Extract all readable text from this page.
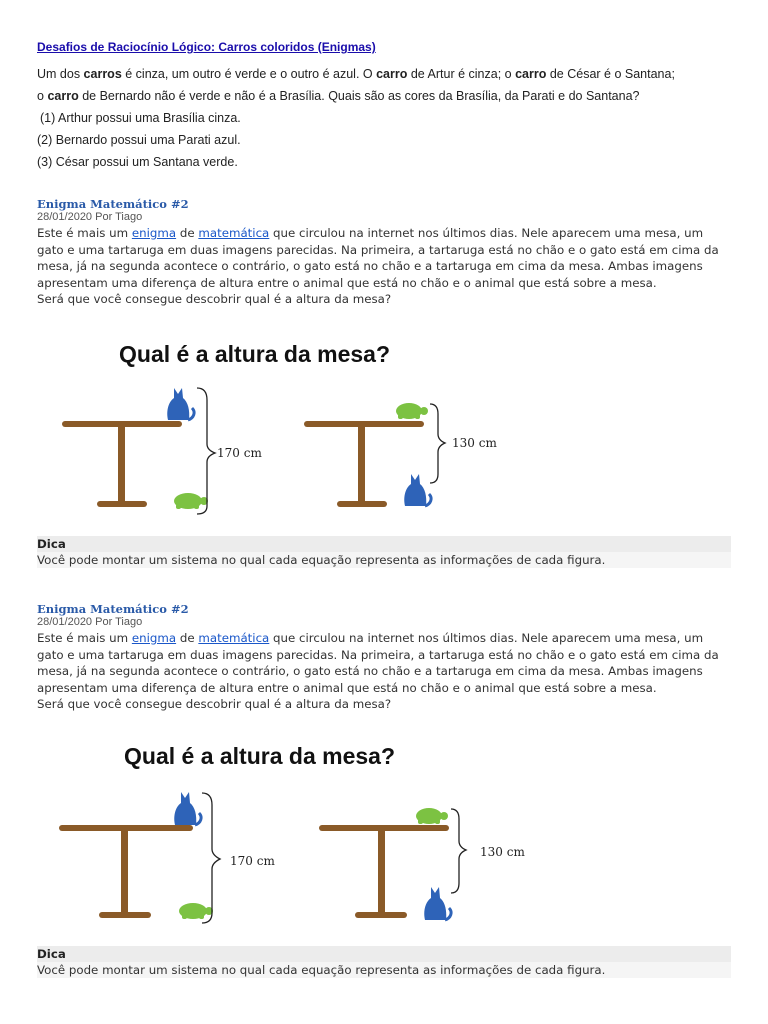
Desafios de Raciocínio Lógico: Carros coloridos (Enigmas)

Um dos carros é cinza, um outro é verde e o outro é azul. O carro de Artur é cinza; o carro de César é o Santana;

o carro de Bernardo não é verde e não é a Brasília. Quais são as cores da Brasília, da Parati e do Santana?

(1) Arthur possui uma Brasília cinza.

(2) Bernardo possui uma Parati azul.

(3) César possui um Santana verde.

Enigma Matemático #2
28/01/2020 Por Tiago
Este é mais um enigma de matemática que circulou na internet nos últimos dias. Nele aparecem uma mesa, um gato e uma tartaruga em duas imagens parecidas. Na primeira, a tartaruga está no chão e o gato está em cima da mesa, já na segunda acontece o contrário, o gato está no chão e a tartaruga em cima da mesa. Ambas imagens apresentam uma diferença de altura entre o animal que está no chão e o animal que está sobre a mesa.
Será que você consegue descobrir qual é a altura da mesa?
Qual é a altura da mesa?
170 cm
130 cm
Dica
Você pode montar um sistema no qual cada equação representa as informações de cada figura.
Enigma Matemático #2
28/01/2020 Por Tiago
Este é mais um enigma de matemática que circulou na internet nos últimos dias. Nele aparecem uma mesa, um gato e uma tartaruga em duas imagens parecidas. Na primeira, a tartaruga está no chão e o gato está em cima da mesa, já na segunda acontece o contrário, o gato está no chão e a tartaruga em cima da mesa. Ambas imagens apresentam uma diferença de altura entre o animal que está no chão e o animal que está sobre a mesa.
Será que você consegue descobrir qual é a altura da mesa?
Qual é a altura da mesa?
170 cm
130 cm
Dica
Você pode montar um sistema no qual cada equação representa as informações de cada figura.
